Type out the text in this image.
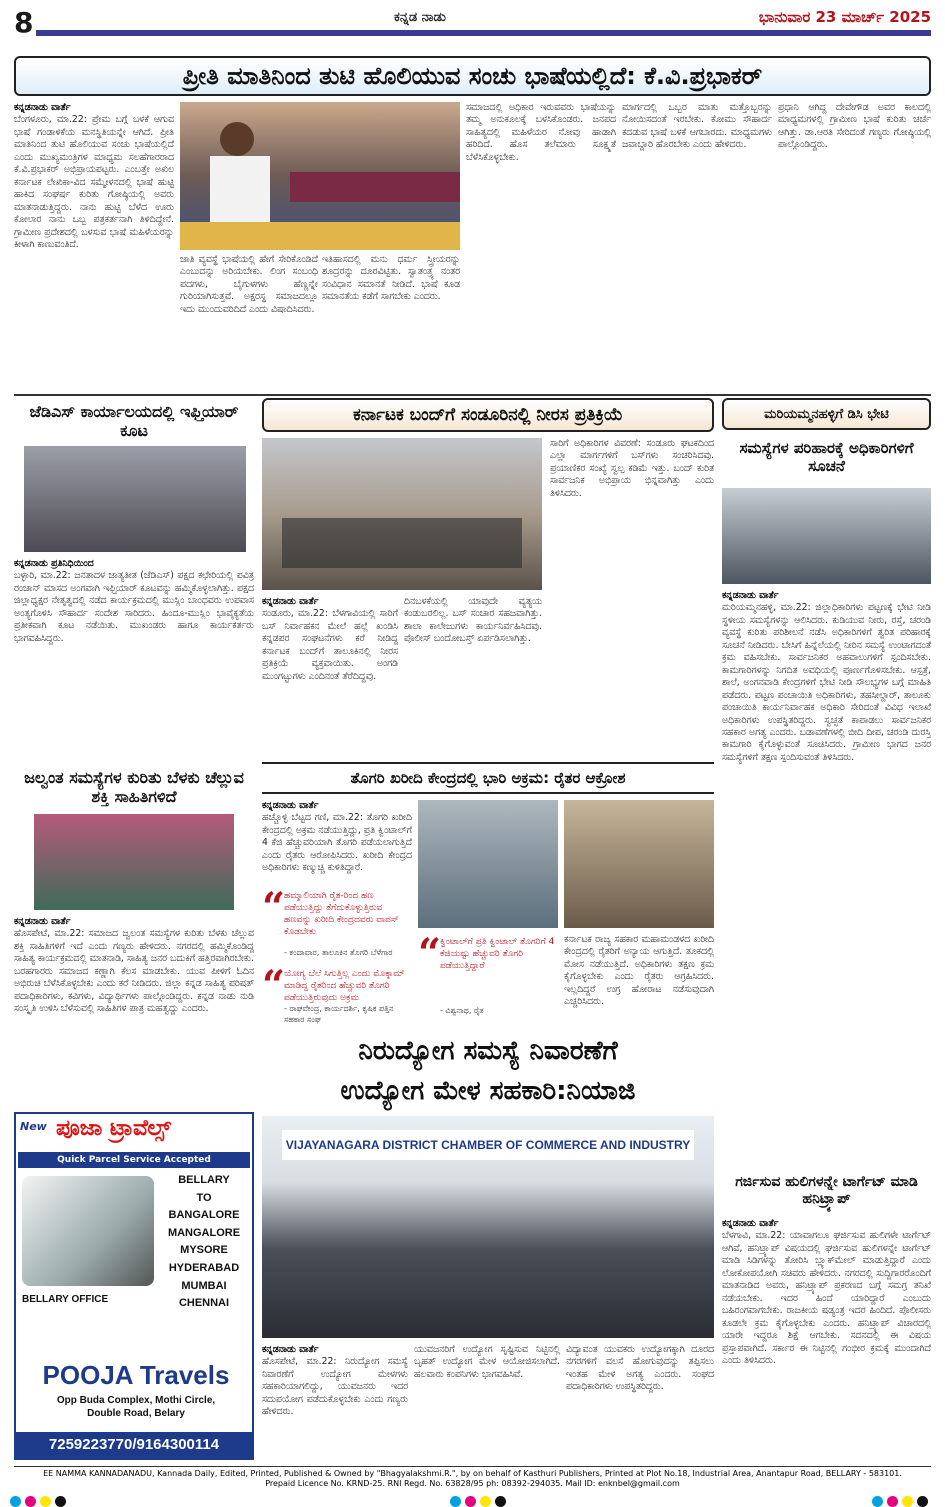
8	ಕನ್ನಡ ನಾಡು	ಭಾನುವಾರ 23 ಮಾರ್ಚ್ 2025
ಪ್ರೀತಿ ಮಾತಿನಿಂದ ತುಟಿ ಹೊಲಿಯುವ ಸಂಚು ಭಾಷೆಯಲ್ಲಿದೆ: ಕೆ.ವಿ.ಪ್ರಭಾಕರ್
ಕನ್ನಡನಾಡು ವಾರ್ತೆ
ಬೆಂಗಳೂರು, ಮಾ.22: ಪ್ರೇಮ ಬಗ್ಗೆ ಬಳಕೆ ಆಗುವ ಭಾಷೆ ಗಂಡಾಳಿಕೆಯ ಮನಸ್ಥಿತಿಯನ್ನೇ ಆಗಿದೆ. ಪ್ರೀತಿ ಮಾತಿನಿಂದ ತುಟಿ ಹೊಲಿಯುವ ಸಂಚು ಭಾಷೆಯಲ್ಲಿದೆ ಎಂದು ಮುಖ್ಯಮಂತ್ರಿಗಳ ಮಾಧ್ಯಮ ಸಲಹೆಗಾರರಾದ ಕೆ.ವಿ.ಪ್ರಭಾಕರ್ ಅಭಿಪ್ರಾಯಪಟ್ಟರು. ಎಂಬತ್ತೇ ಅಖಿಲ ಕರ್ನಾಟಕ ಲೇಖಿಕಾ-ವಿದ ಸಮ್ಮೇಳನದಲ್ಲಿ ಭಾಷೆ ಹುಟ್ಟಿ ಹಾಕಿದ ಸಂಘರ್ಷ ಕುರಿತು ಗೋಷ್ಠಿಯಲ್ಲಿ ಅವರು ಮಾತನಾಡುತ್ತಿದ್ದರು. ನಾನು ಹುಟ್ಟಿ ಬೆಳೆದ ಊರು ಕೋಲಾರ ನಾನು ಒಬ್ಬ ಪತ್ರಕರ್ತನಾಗಿ ತಿಳಿದಿದ್ದೇನೆ. ಗ್ರಾಮೀಣ ಪ್ರದೇಶದಲ್ಲಿ ಬಳಸುವ ಭಾಷೆ ಮಹಿಳೆಯರನ್ನು ಕೀಳಾಗಿ ಕಾಣುವಂತಿದೆ.
ಜಾತಿ ವ್ಯವಸ್ಥೆ ಭಾಷೆಯಲ್ಲಿ ಹೇಗೆ ಸೇರಿಕೊಂಡಿದೆ ಎಂಬುದನ್ನು ಅರಿಯಬೇಕು. ಲಿಂಗ ಸಂಬಂಧಿ ಪದಗಳು, ಬೈಗುಳಗಳು ಹೆಣ್ಣನ್ನೇ ಗುರಿಯಾಗಿಸುತ್ತವೆ. ಅಕ್ಷರಸ್ಥ ಸಮಾಜದಲ್ಲೂ ಇದು ಮುಂದುವರಿದಿದೆ ಎಂದು ವಿಷಾದಿಸಿದರು.
ಇತಿಹಾಸದಲ್ಲಿ ಮನು ಧರ್ಮ ಸ್ತ್ರೀಯರನ್ನು ಶೂದ್ರರನ್ನು ದೂರವಿಟ್ಟಿತು. ಸ್ವಾತಂತ್ರ್ಯ ನಂತರ ಸಂವಿಧಾನ ಸಮಾನತೆ ನೀಡಿದೆ. ಭಾಷೆ ಕೂಡ ಸಮಾನತೆಯ ಕಡೆಗೆ ಸಾಗಬೇಕು ಎಂದರು.
ಸಮಾಜದಲ್ಲಿ ಅಧಿಕಾರ ಇರುವವರು ಭಾಷೆಯನ್ನು ತಮ್ಮ ಅನುಕೂಲಕ್ಕೆ ಬಳಸಿಕೊಂಡರು. ಜನಪದ ಸಾಹಿತ್ಯದಲ್ಲಿ ಮಹಿಳೆಯರ ನೋವು ಹಾಡಾಗಿ ಹರಿದಿದೆ. ಹೊಸ ತಲೆಮಾರು ಸೂಕ್ಷ್ಮತೆ ಬೆಳೆಸಿಕೊಳ್ಳಬೇಕು.
ಮಾರ್ಗದಲ್ಲಿ ಒಬ್ಬರ ಮಾತು ಮತ್ತೊಬ್ಬರನ್ನು ನೋಯಿಸದಂತೆ ಇರಬೇಕು. ಕೋಮು ಸೌಹಾರ್ದ ಕದಡುವ ಭಾಷೆ ಬಳಕೆ ಆಗಬಾರದು. ಮಾಧ್ಯಮಗಳು ಜವಾಬ್ದಾರಿ ಹೊರಬೇಕು ಎಂದು ಹೇಳಿದರು.
ಪ್ರಧಾನಿ ಆಗಿದ್ದ ದೇವೇಗೌಡ ಅವರ ಕಾಲದಲ್ಲಿ ಮಾಧ್ಯಮಗಳಲ್ಲಿ ಗ್ರಾಮೀಣ ಭಾಷೆ ಕುರಿತು ಚರ್ಚೆ ಆಗಿತ್ತು. ಡಾ.ಆರತಿ ಸೇರಿದಂತೆ ಗಣ್ಯರು ಗೋಷ್ಠಿಯಲ್ಲಿ ಪಾಲ್ಗೊಂಡಿದ್ದರು.
ಜೆಡಿಎಸ್ ಕಾರ್ಯಾಲಯದಲ್ಲಿ ಇಫ್ತಿಯಾರ್ ಕೂಟ
ಕನ್ನಡನಾಡು ಪ್ರತಿನಿಧಿಯಿಂದ
ಬಳ್ಳಾರಿ, ಮಾ.22: ಜನತಾದಳ ಜಾತ್ಯತೀತ (ಜೆಡಿಎಸ್) ಪಕ್ಷದ ಕಛೇರಿಯಲ್ಲಿ ಪವಿತ್ರ ರಂಜಾನ್ ಮಾಸದ ಅಂಗವಾಗಿ ಇಫ್ತಿಯಾರ್ ಕೂಟವನ್ನು ಹಮ್ಮಿಕೊಳ್ಳಲಾಗಿತ್ತು. ಪಕ್ಷದ ಜಿಲ್ಲಾಧ್ಯಕ್ಷರ ನೇತೃತ್ವದಲ್ಲಿ ನಡೆದ ಕಾರ್ಯಕ್ರಮದಲ್ಲಿ ಮುಸ್ಲಿಂ ಬಾಂಧವರು ಉಪವಾಸ ಅಂತ್ಯಗೊಳಿಸಿ ಸೌಹಾರ್ದ ಸಂದೇಶ ಸಾರಿದರು. ಹಿಂದೂ-ಮುಸ್ಲಿಂ ಭಾವೈಕ್ಯತೆಯ ಪ್ರತೀಕವಾಗಿ ಕೂಟ ನಡೆಯಿತು. ಮುಖಂಡರು ಹಾಗೂ ಕಾರ್ಯಕರ್ತರು ಭಾಗವಹಿಸಿದ್ದರು.
ಜಲ್ವಂತ ಸಮಸ್ಯೆಗಳ ಕುರಿತು ಬೆಳಕು ಚೆಲ್ಲುವ ಶಕ್ತಿ ಸಾಹಿತಿಗಳಿದೆ
ಕನ್ನಡನಾಡು ವಾರ್ತೆ
ಹೊಸಪೇಟೆ, ಮಾ.22: ಸಮಾಜದ ಜ್ವಲಂತ ಸಮಸ್ಯೆಗಳ ಕುರಿತು ಬೆಳಕು ಚೆಲ್ಲುವ ಶಕ್ತಿ ಸಾಹಿತಿಗಳಿಗೆ ಇದೆ ಎಂದು ಗಣ್ಯರು ಹೇಳಿದರು. ನಗರದಲ್ಲಿ ಹಮ್ಮಿಕೊಂಡಿದ್ದ ಸಾಹಿತ್ಯ ಕಾರ್ಯಕ್ರಮದಲ್ಲಿ ಮಾತನಾಡಿ, ಸಾಹಿತ್ಯ ಜನರ ಬದುಕಿಗೆ ಹತ್ತಿರವಾಗಿರಬೇಕು. ಬರಹಗಾರರು ಸಮಾಜದ ಕಣ್ಣಾಗಿ ಕೆಲಸ ಮಾಡಬೇಕು. ಯುವ ಪೀಳಿಗೆ ಓದಿನ ಅಭಿರುಚಿ ಬೆಳೆಸಿಕೊಳ್ಳಬೇಕು ಎಂದು ಕರೆ ನೀಡಿದರು. ಜಿಲ್ಲಾ ಕನ್ನಡ ಸಾಹಿತ್ಯ ಪರಿಷತ್ ಪದಾಧಿಕಾರಿಗಳು, ಕವಿಗಳು, ವಿದ್ಯಾರ್ಥಿಗಳು ಪಾಲ್ಗೊಂಡಿದ್ದರು. ಕನ್ನಡ ನಾಡು ನುಡಿ ಸಂಸ್ಕೃತಿ ಉಳಿಸಿ ಬೆಳೆಸುವಲ್ಲಿ ಸಾಹಿತಿಗಳ ಪಾತ್ರ ಮಹತ್ವದ್ದು ಎಂದರು.
New ಪೂಜಾ ಟ್ರಾವೆಲ್ಸ್
Quick Parcel Service Accepted
BELLARY
TO
BANGALORE
MANGALORE
MYSORE
HYDERABAD
MUMBAI
CHENNAI
BELLARY OFFICE
POOJA Travels
Opp Buda Complex, Mothi Circle,
Double Road, Belary
7259223770/9164300114
ಕರ್ನಾಟಕ ಬಂದ್‌ಗೆ ಸಂಡೂರಿನಲ್ಲಿ ನೀರಸ ಪ್ರತಿಕ್ರಿಯೆ
ಕನ್ನಡನಾಡು ವಾರ್ತೆ
ಸಂಡೂರು, ಮಾ.22: ಬೆಳಗಾವಿಯಲ್ಲಿ ಸಾರಿಗೆ ಬಸ್ ನಿರ್ವಾಹಕನ ಮೇಲೆ ಹಲ್ಲೆ ಖಂಡಿಸಿ ಕನ್ನಡಪರ ಸಂಘಟನೆಗಳು ಕರೆ ನೀಡಿದ್ದ ಕರ್ನಾಟಕ ಬಂದ್‌ಗೆ ತಾಲೂಕಿನಲ್ಲಿ ನೀರಸ ಪ್ರತಿಕ್ರಿಯೆ ವ್ಯಕ್ತವಾಯಿತು. ಅಂಗಡಿ ಮುಂಗಟ್ಟುಗಳು ಎಂದಿನಂತೆ ತೆರೆದಿದ್ದವು.
ದಿನಬಳಕೆಯಲ್ಲಿ ಯಾವುದೇ ವ್ಯತ್ಯಯ ಕಂಡುಬರಲಿಲ್ಲ. ಬಸ್ ಸಂಚಾರ ಸಹಜವಾಗಿತ್ತು. ಶಾಲಾ ಕಾಲೇಜುಗಳು ಕಾರ್ಯನಿರ್ವಹಿಸಿದವು. ಪೊಲೀಸ್ ಬಂದೋಬಸ್ತ್ ಏರ್ಪಡಿಸಲಾಗಿತ್ತು.
ಸಾರಿಗೆ ಅಧಿಕಾರಿಗಳ ವಿವರಣೆ: ಸಂಡೂರು ಘಟಕದಿಂದ ಎಲ್ಲಾ ಮಾರ್ಗಗಳಿಗೆ ಬಸ್‌ಗಳು ಸಂಚರಿಸಿದವು. ಪ್ರಯಾಣಿಕರ ಸಂಖ್ಯೆ ಸ್ವಲ್ಪ ಕಡಿಮೆ ಇತ್ತು. ಬಂದ್ ಕುರಿತ ಸಾರ್ವಜನಿಕ ಅಭಿಪ್ರಾಯ ಭಿನ್ನವಾಗಿತ್ತು ಎಂದು ತಿಳಿಸಿದರು.
ತೊಗರಿ ಖರೀದಿ ಕೇಂದ್ರದಲ್ಲಿ ಭಾರಿ ಅಕ್ರಮ: ರೈತರ ಆಕ್ರೋಶ
ಕನ್ನಡನಾಡು ವಾರ್ತೆ
ಹಚ್ಚೊಳ್ಳಿ ಬೆಟ್ಟದ ಗಣಿ, ಮಾ.22: ತೊಗರಿ ಖರೀದಿ ಕೇಂದ್ರದಲ್ಲಿ ಅಕ್ರಮ ನಡೆಯುತ್ತಿದ್ದು, ಪ್ರತಿ ಕ್ವಿಂಟಾಲ್‌ಗೆ 4 ಕೆಜಿ ಹೆಚ್ಚುವರಿಯಾಗಿ ತೊಗರಿ ಪಡೆಯಲಾಗುತ್ತಿದೆ ಎಂದು ರೈತರು ಆರೋಪಿಸಿದರು. ಖರೀದಿ ಕೇಂದ್ರದ ಅಧಿಕಾರಿಗಳು ಕಣ್ಮುಚ್ಚಿ ಕುಳಿತಿದ್ದಾರೆ.
“
ಹಮ್ಮಾಲಿಯಾಗಿ ರೈತ-ರಿಂದ ಹಣ ಪಡೆಯುತ್ತಿದ್ದು ತೆಗೆದುಕೊಳ್ಳುತ್ತಿರುವ ಹಣವನ್ನು ಖರೀದಿ ಕೇಂದ್ರದವರು ವಾಪಸ್ ಕೊಡಬೇಕು
- ಕಂದಾವಾರ, ತಾಲೂಕಿನ ತೊಗರಿ ಬೆಳೆಗಾರ
“
ಯೋಗ್ಯ ಬೆಲೆ ಸಿಗುತ್ತಿಲ್ಲ ಎಂದು ಮೊಕ್ಕಾಮ್ ಮಾಡಿದ್ದ ರೈತರಿಂದ ಹೆಚ್ಚುವರಿ ತೊಗರಿ ಪಡೆಯುತ್ತಿರುವುದು ಅಕ್ರಮ
- ರಾಘವೇಂದ್ರ, ಕಾರ್ಯದರ್ಶಿ, ಕೃಷಿಕ ಪತ್ತಿನ ಸಹಕಾರ ಸಂಘ
“
ಕ್ವಿಂಟಾಲ್‌ಗೆ ಪ್ರತಿ ಕ್ವಿಂಟಾಲ್ ತೊಗರಿಗೆ 4 ಕೆಜಿಯಷ್ಟು ಹೆಚ್ಚುವರಿ ತೊಗರಿ ಪಡೆಯುತ್ತಿದ್ದಾರೆ
- ವಿಶ್ವನಾಥ, ರೈತ
ಕರ್ನಾಟಕ ರಾಜ್ಯ ಸಹಕಾರ ಮಹಾಮಂಡಳದ ಖರೀದಿ ಕೇಂದ್ರದಲ್ಲಿ ರೈತರಿಗೆ ಅನ್ಯಾಯ ಆಗುತ್ತಿದೆ. ತೂಕದಲ್ಲಿ ಮೋಸ ನಡೆಯುತ್ತಿದೆ. ಅಧಿಕಾರಿಗಳು ತಕ್ಷಣ ಕ್ರಮ ಕೈಗೊಳ್ಳಬೇಕು ಎಂದು ರೈತರು ಆಗ್ರಹಿಸಿದರು. ಇಲ್ಲದಿದ್ದರೆ ಉಗ್ರ ಹೋರಾಟ ನಡೆಸುವುದಾಗಿ ಎಚ್ಚರಿಸಿದರು.
ನಿರುದ್ಯೋಗ ಸಮಸ್ಯೆ ನಿವಾರಣೆಗೆ
ಉದ್ಯೋಗ ಮೇಳ ಸಹಕಾರಿ:ನಿಯಾಜಿ
VIJAYANAGARA DISTRICT CHAMBER OF COMMERCE AND INDUSTRY
ಕನ್ನಡನಾಡು ವಾರ್ತೆ
ಹೊಸಪೇಟೆ, ಮಾ.22: ನಿರುದ್ಯೋಗ ಸಮಸ್ಯೆ ನಿವಾರಣೆಗೆ ಉದ್ಯೋಗ ಮೇಳಗಳು ಸಹಕಾರಿಯಾಗಲಿದ್ದು, ಯುವಜನರು ಇದರ ಸದುಪಯೋಗ ಪಡೆದುಕೊಳ್ಳಬೇಕು ಎಂದು ಗಣ್ಯರು ಹೇಳಿದರು.
ಯುವಜನರಿಗೆ ಉದ್ಯೋಗ ಸೃಷ್ಟಿಸುವ ನಿಟ್ಟಿನಲ್ಲಿ ಬೃಹತ್ ಉದ್ಯೋಗ ಮೇಳ ಆಯೋಜಿಸಲಾಗಿದೆ. ಹಲವಾರು ಕಂಪನಿಗಳು ಭಾಗವಹಿಸಿವೆ.
ವಿದ್ಯಾವಂತ ಯುವಕರು ಉದ್ಯೋಗಕ್ಕಾಗಿ ದೂರದ ನಗರಗಳಿಗೆ ವಲಸೆ ಹೋಗುವುದನ್ನು ತಪ್ಪಿಸಲು ಇಂತಹ ಮೇಳ ಅಗತ್ಯ ಎಂದರು. ಸಂಘದ ಪದಾಧಿಕಾರಿಗಳು ಉಪಸ್ಥಿತರಿದ್ದರು.
ಮರಿಯಮ್ಮನಹಳ್ಳಿಗೆ ಡಿಸಿ ಭೇಟಿ
ಸಮಸ್ಯೆಗಳ ಪರಿಹಾರಕ್ಕೆ ಅಧಿಕಾರಿಗಳಿಗೆ ಸೂಚನೆ
ಕನ್ನಡನಾಡು ವಾರ್ತೆ
ಮರಿಯಮ್ಮನಹಳ್ಳಿ, ಮಾ.22: ಜಿಲ್ಲಾಧಿಕಾರಿಗಳು ಪಟ್ಟಣಕ್ಕೆ ಭೇಟಿ ನೀಡಿ ಸ್ಥಳೀಯ ಸಮಸ್ಯೆಗಳನ್ನು ಆಲಿಸಿದರು. ಕುಡಿಯುವ ನೀರು, ರಸ್ತೆ, ಚರಂಡಿ ವ್ಯವಸ್ಥೆ ಕುರಿತು ಪರಿಶೀಲನೆ ನಡೆಸಿ ಅಧಿಕಾರಿಗಳಿಗೆ ತ್ವರಿತ ಪರಿಹಾರಕ್ಕೆ ಸೂಚನೆ ನೀಡಿದರು. ಬೇಸಿಗೆ ಹಿನ್ನೆಲೆಯಲ್ಲಿ ನೀರಿನ ಸಮಸ್ಯೆ ಉಂಟಾಗದಂತೆ ಕ್ರಮ ವಹಿಸಬೇಕು. ಸಾರ್ವಜನಿಕರ ಅಹವಾಲುಗಳಿಗೆ ಸ್ಪಂದಿಸಬೇಕು. ಕಾಮಗಾರಿಗಳನ್ನು ನಿಗದಿತ ಅವಧಿಯಲ್ಲಿ ಪೂರ್ಣಗೊಳಿಸಬೇಕು. ಆಸ್ಪತ್ರೆ, ಶಾಲೆ, ಅಂಗನವಾಡಿ ಕೇಂದ್ರಗಳಿಗೆ ಭೇಟಿ ನೀಡಿ ಸೌಲಭ್ಯಗಳ ಬಗ್ಗೆ ಮಾಹಿತಿ ಪಡೆದರು. ಪಟ್ಟಣ ಪಂಚಾಯಿತಿ ಅಧಿಕಾರಿಗಳು, ತಹಸೀಲ್ದಾರ್, ತಾಲೂಕು ಪಂಚಾಯಿತಿ ಕಾರ್ಯನಿರ್ವಾಹಕ ಅಧಿಕಾರಿ ಸೇರಿದಂತೆ ವಿವಿಧ ಇಲಾಖೆ ಅಧಿಕಾರಿಗಳು ಉಪಸ್ಥಿತರಿದ್ದರು. ಸ್ವಚ್ಛತೆ ಕಾಪಾಡಲು ಸಾರ್ವಜನಿಕರ ಸಹಕಾರ ಅಗತ್ಯ ಎಂದರು. ಬಡಾವಣೆಗಳಲ್ಲಿ ಬೀದಿ ದೀಪ, ಚರಂಡಿ ದುರಸ್ತಿ ಕಾಮಗಾರಿ ಕೈಗೊಳ್ಳುವಂತೆ ಸೂಚಿಸಿದರು. ಗ್ರಾಮೀಣ ಭಾಗದ ಜನರ ಸಮಸ್ಯೆಗಳಿಗೆ ತಕ್ಷಣ ಸ್ಪಂದಿಸುವಂತೆ ತಿಳಿಸಿದರು.
ಗರ್ಜಿಸುವ ಹುಲಿಗಳನ್ನೇ ಟಾರ್ಗೆಟ್ ಮಾಡಿ ಹನಿಟ್ರ್ಯಾಪ್
ಕನ್ನಡನಾಡು ವಾರ್ತೆ
ಬೆಳಗಾವಿ, ಮಾ.22: ಯಾವಾಗಲೂ ಘರ್ಜಿಸುವ ಹುಲಿಗಳೇ ಟಾರ್ಗೆಟ್ ಆಗಿವೆ, ಹನಿಟ್ರ್ಯಾಪ್ ವಿಷಯದಲ್ಲಿ ಘರ್ಜಿಸುವ ಹುಲಿಗಳನ್ನೇ ಟಾರ್ಗೆಟ್ ಮಾಡಿ ಸಿಡಿಗಳನ್ನು ತೋರಿಸಿ ಬ್ಲ್ಯಾಕ್‌ಮೇಲ್ ಮಾಡುತ್ತಿದ್ದಾರೆ ಎಂದು ಲೋಕೋಪಯೋಗಿ ಸಚಿವರು ಹೇಳಿದರು. ನಗರದಲ್ಲಿ ಸುದ್ದಿಗಾರರೊಂದಿಗೆ ಮಾತನಾಡಿದ ಅವರು, ಹನಿಟ್ರ್ಯಾಪ್ ಪ್ರಕರಣದ ಬಗ್ಗೆ ಸಮಗ್ರ ತನಿಖೆ ನಡೆಯಬೇಕು. ಇದರ ಹಿಂದೆ ಯಾರಿದ್ದಾರೆ ಎಂಬುದು ಬಹಿರಂಗವಾಗಬೇಕು. ರಾಜಕೀಯ ಷಡ್ಯಂತ್ರ ಇದರ ಹಿಂದಿದೆ. ಪೊಲೀಸರು ಕೂಡಲೇ ಕ್ರಮ ಕೈಗೊಳ್ಳಬೇಕು ಎಂದರು. ಹನಿಟ್ರ್ಯಾಪ್ ವಿಚಾರದಲ್ಲಿ ಯಾರೇ ಇದ್ದರೂ ಶಿಕ್ಷೆ ಆಗಬೇಕು. ಸದನದಲ್ಲಿ ಈ ವಿಷಯ ಪ್ರಸ್ತಾಪವಾಗಿದೆ. ಸರ್ಕಾರ ಈ ನಿಟ್ಟಿನಲ್ಲಿ ಗಂಭೀರ ಕ್ರಮಕ್ಕೆ ಮುಂದಾಗಿದೆ ಎಂದು ತಿಳಿಸಿದರು.
EE NAMMA KANNADANADU, Kannada Daily, Edited, Printed, Published & Owned by "Bhagyalakshmi.R.", by on behalf of Kasthuri Publishers, Printed at Plot No.18, Industrial Area, Anantapur Road, BELLARY - 583101.
Prepaid Licence No. KRND-25. RNI Regd. No. 63828/95 ph: 08392-294035. Mail ID: enknbel@gmail.com
